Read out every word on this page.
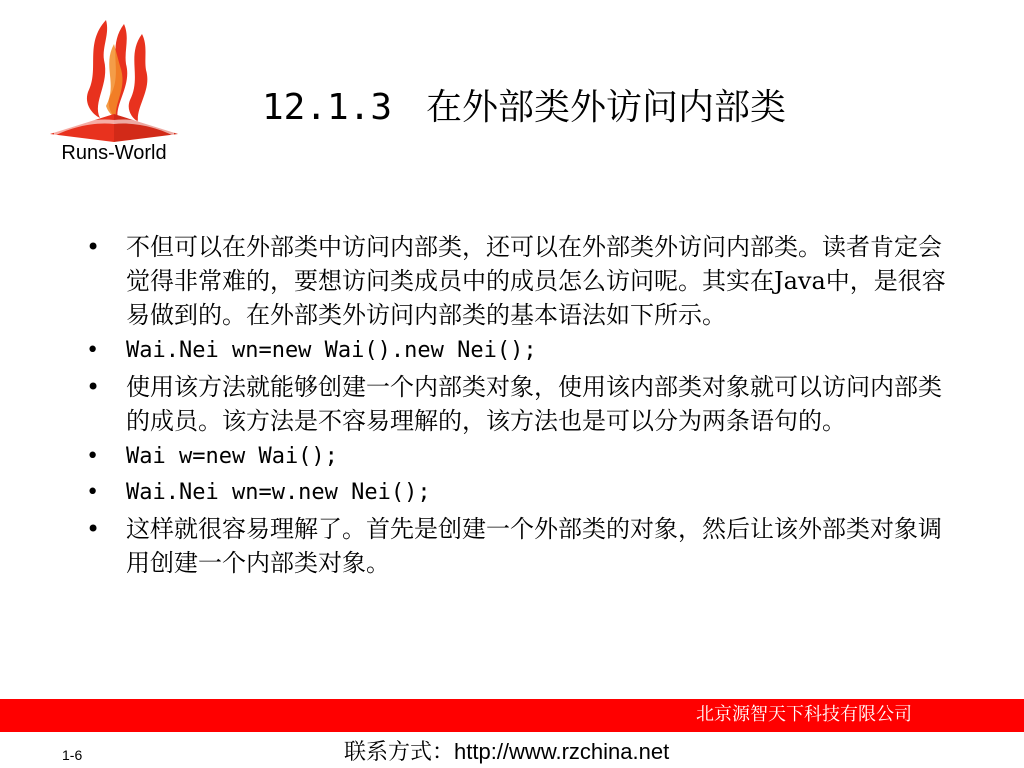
Runs-World
12.1.3 在外部类外访问内部类
• 不但可以在外部类中访问内部类，还可以在外部类外访问内部类。读者肯定会觉得非常难的，要想访问类成员中的成员怎么访问呢。其实在Java中，是很容易做到的。在外部类外访问内部类的基本语法如下所示。
•	Wai.Nei wn=new Wai().new Nei();
• 使用该方法就能够创建一个内部类对象，使用该内部类对象就可以访问内部类的成员。该方法是不容易理解的，该方法也是可以分为两条语句的。
•	Wai w=new Wai();
•	Wai.Nei wn=w.new Nei();
• 这样就很容易理解了。首先是创建一个外部类的对象，然后让该外部类对象调用创建一个内部类对象。
北京源智天下科技有限公司
1-6	联系方式：http://www.rzchina.net
